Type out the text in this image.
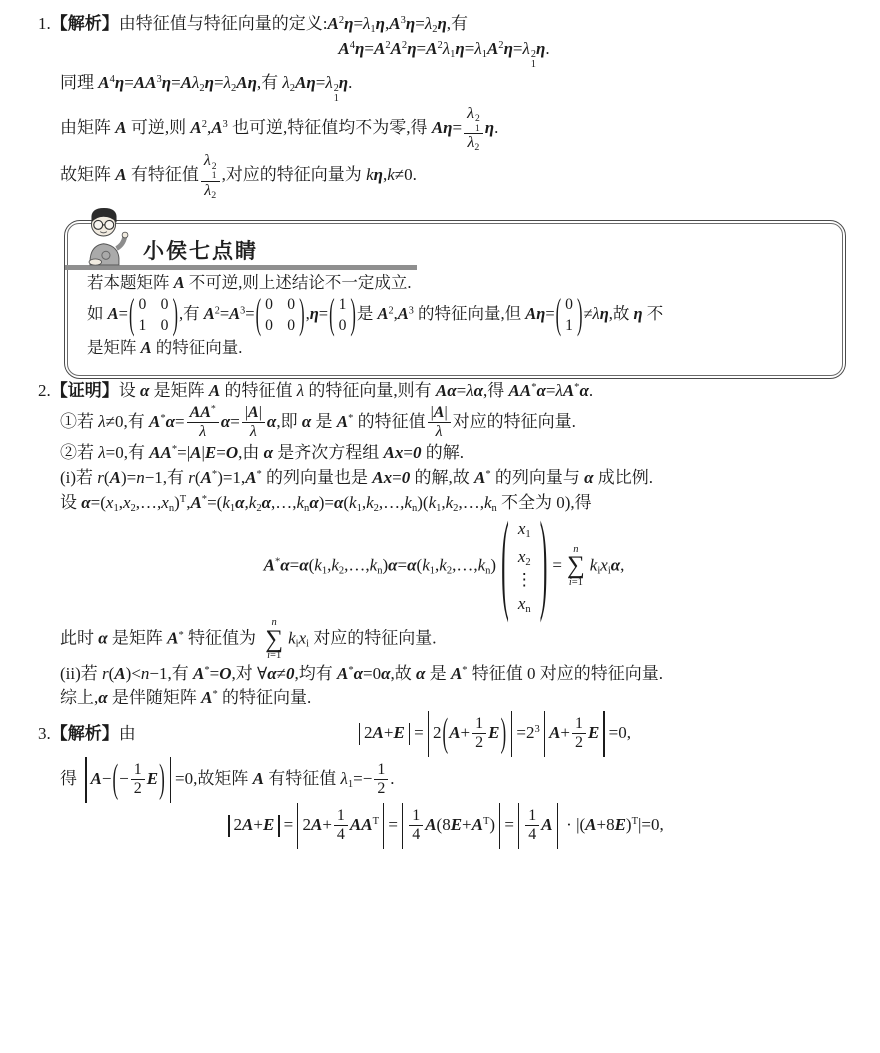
1.【解析】由特征值与特征向量的定义$:A^2\eta=\lambda_1\eta,A^3\eta=\lambda_2\eta$,有

$A^4\eta=A^2A^2\eta=A^2\lambda_1\eta=\lambda_1A^2\eta=\lambda$ 2
1
η.

同理 $A^4\eta=AA^3\eta=A\lambda_2\eta=\lambda_2A\eta$,有 $\lambda_2A\eta=\lambda$ 2
1
η.

由矩阵 A 可逆,则 $A^2,A^3$ 也可逆,特征值均不为零,得 Aη= λ 2
1
$\lambda_2$ η.

故矩阵 A 有特征值 λ 2
1
$\lambda_2$ ,对应的特征向量为 kη,k≠0.

小侯七点睛

若本题矩阵 A 不可逆,则上述结论不一定成立.

如 A= ( 0 0
1 0 ) ,有 $A^2=A^3=$ ( 0 0
0 0 ) ,η= ( 1
0 ) 是 $A^2,A^3$ 的特征向量,但 Aη= ( 0
1 ) ≠λη,故 η 不

是矩阵 A 的特征向量.

2.【证明】设 α 是矩阵 A 的特征值 λ 的特征向量,则有 Aα=λα,得 AA*α=λA*α.

①若 λ≠0,有 $A^*\alpha= \frac{AA^*}{\lambda} \alpha= \frac{|A|}{\lambda} \alpha$,即 α 是 A* 的特征值 $\frac{|A|}{\lambda}$ 对应的特征向量.

②若 λ=0,有 AA*=|A|E=O,由 α 是齐次方程组 Ax=0 的解.

(i)若 r(A)=n−1,有 r(A*)=1,A* 的列向量也是 Ax=0 的解,故 A* 的列向量与 α 成比例.

设 $\alpha=(x_1,x_2,\dots,x_n)^T,A^*=(k_1\alpha,k_2\alpha,\dots,k_n\alpha)=\alpha(k_1,k_2,\dots,k_n)(k_1,k_2,\dots,k_n$ 不全为 0),得

$A^*\alpha=\alpha(k_1,k_2,\dots,k_n)\alpha=\alpha(k_1,k_2,\dots,k_n)$ ( $x_1$
$x_2$
⋮
$x_n$ ) =
n
∑
i=1
$k_ix_i\alpha$,

此时 α 是矩阵 A* 特征值为
n
∑
i=1
$k_ix_i$ 对应的特征向量.

(ii)若 r(A)<n−1,有 A*=O,对 ∀α≠0,均有 A*α=0α,故 α 是 A* 特征值 0 对应的特征向量.

综上,α 是伴随矩阵 A* 的特征向量.

3.【解析】由	$2A+E = 2(A+ \frac{1}{2} E) =2^3$ $A+ \frac{1}{2}$ E =0,

得 $A-(- \frac{1}{2} E) =0$,故矩阵 A 有特征值 $\lambda_1=- \frac{1}{2}$ .

$2A+E = 2A+ \frac{1}{4} AA^T = \frac{1}{4} A(8E+A^T) = \frac{1}{4}$ $A \cdot |(A+8E)^T|=0$,
